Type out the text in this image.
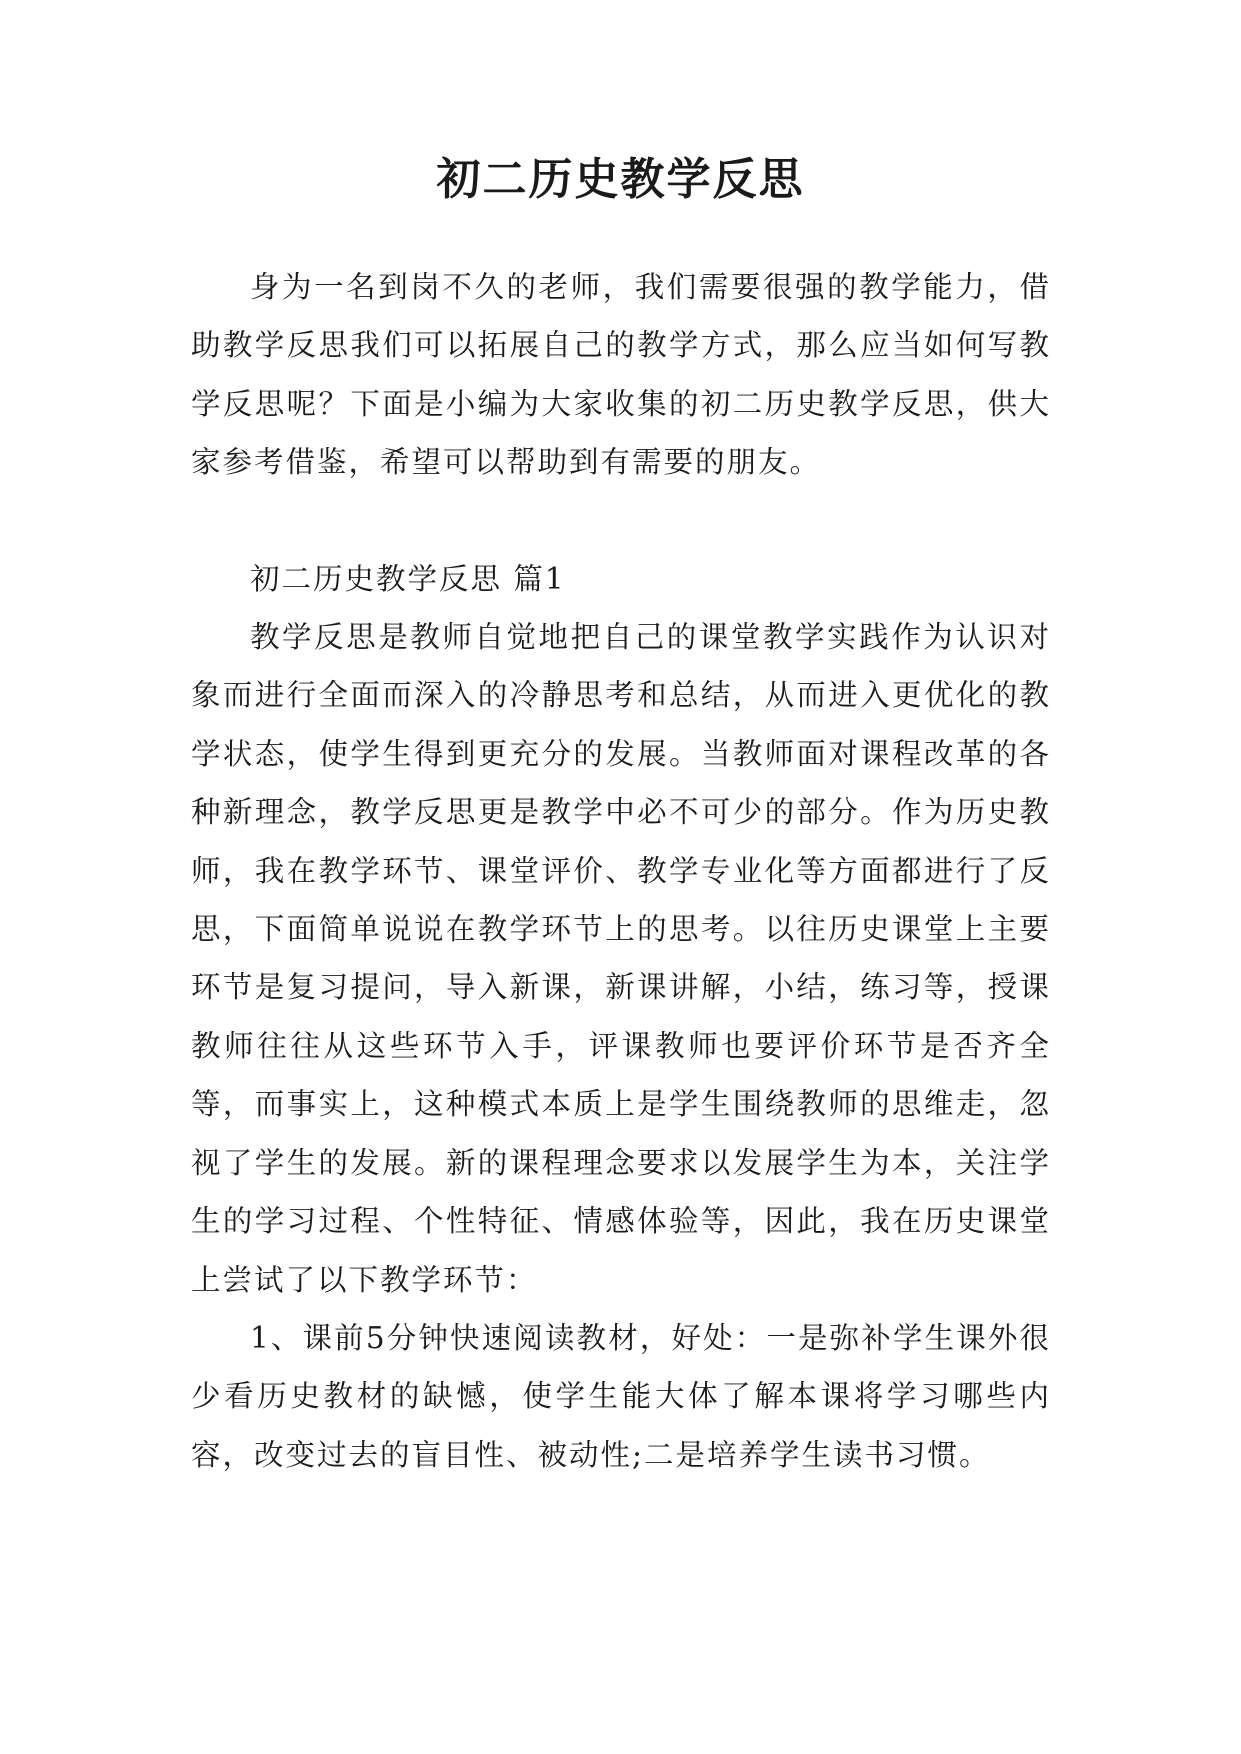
初二历史教学反思

身为一名到岗不久的老师，我们需要很强的教学能力，借助教学反思我们可以拓展自己的教学方式，那么应当如何写教学反思呢？下面是小编为大家收集的初二历史教学反思，供大家参考借鉴，希望可以帮助到有需要的朋友。

初二历史教学反思 篇1

教学反思是教师自觉地把自己的课堂教学实践作为认识对象而进行全面而深入的冷静思考和总结，从而进入更优化的教学状态，使学生得到更充分的发展。当教师面对课程改革的各种新理念，教学反思更是教学中必不可少的部分。作为历史教师，我在教学环节、课堂评价、教学专业化等方面都进行了反思，下面简单说说在教学环节上的思考。以往历史课堂上主要环节是复习提问，导入新课，新课讲解，小结，练习等，授课教师往往从这些环节入手，评课教师也要评价环节是否齐全等，而事实上，这种模式本质上是学生围绕教师的思维走，忽视了学生的发展。新的课程理念要求以发展学生为本，关注学生的学习过程、个性特征、情感体验等，因此，我在历史课堂上尝试了以下教学环节：

1、课前5分钟快速阅读教材，好处：一是弥补学生课外很少看历史教材的缺憾，使学生能大体了解本课将学习哪些内容，改变过去的盲目性、被动性;二是培养学生读书习惯。
